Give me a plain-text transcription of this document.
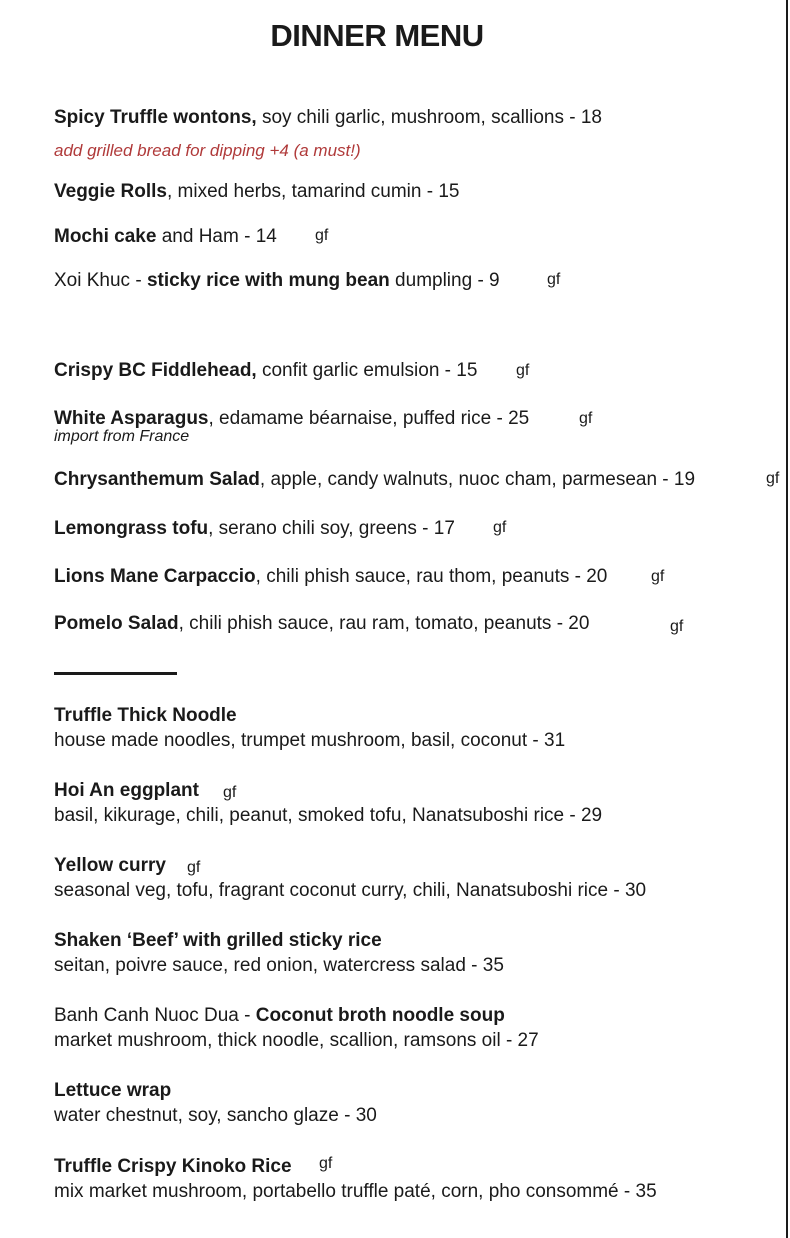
DINNER MENU
Spicy Truffle wontons, soy chili garlic, mushroom, scallions - 18
add grilled bread for dipping +4 (a must!)
Veggie Rolls, mixed herbs, tamarind cumin - 15
Mochi cake and Ham - 14 gf
Xoi Khuc - sticky rice with mung bean dumpling - 9	gf
Crispy BC Fiddlehead, confit garlic emulsion - 15 gf
White Asparagus, edamame béarnaise, puffed rice - 25	gf
import from France
Chrysanthemum Salad, apple, candy walnuts, nuoc cham, parmesean - 19	gf
Lemongrass tofu, serano chili soy, greens - 17 gf
Lions Mane Carpaccio, chili phish sauce, rau thom, peanuts - 20	gf
Pomelo Salad, chili phish sauce, rau ram, tomato, peanuts - 20	gf
Truffle Thick Noodle
house made noodles, trumpet mushroom, basil, coconut - 31
Hoi An eggplant gf
basil, kikurage, chili, peanut, smoked tofu, Nanatsuboshi rice - 29
Yellow curry gf
seasonal veg, tofu, fragrant coconut curry, chili, Nanatsuboshi rice - 30
Shaken ‘Beef’ with grilled sticky rice
seitan, poivre sauce, red onion, watercress salad - 35
Banh Canh Nuoc Dua - Coconut broth noodle soup
market mushroom, thick noodle, scallion, ramsons oil - 27
Lettuce wrap
water chestnut, soy, sancho glaze - 30
Truffle Crispy Kinoko Rice gf
mix market mushroom, portabello truffle paté, corn, pho consommé - 35
